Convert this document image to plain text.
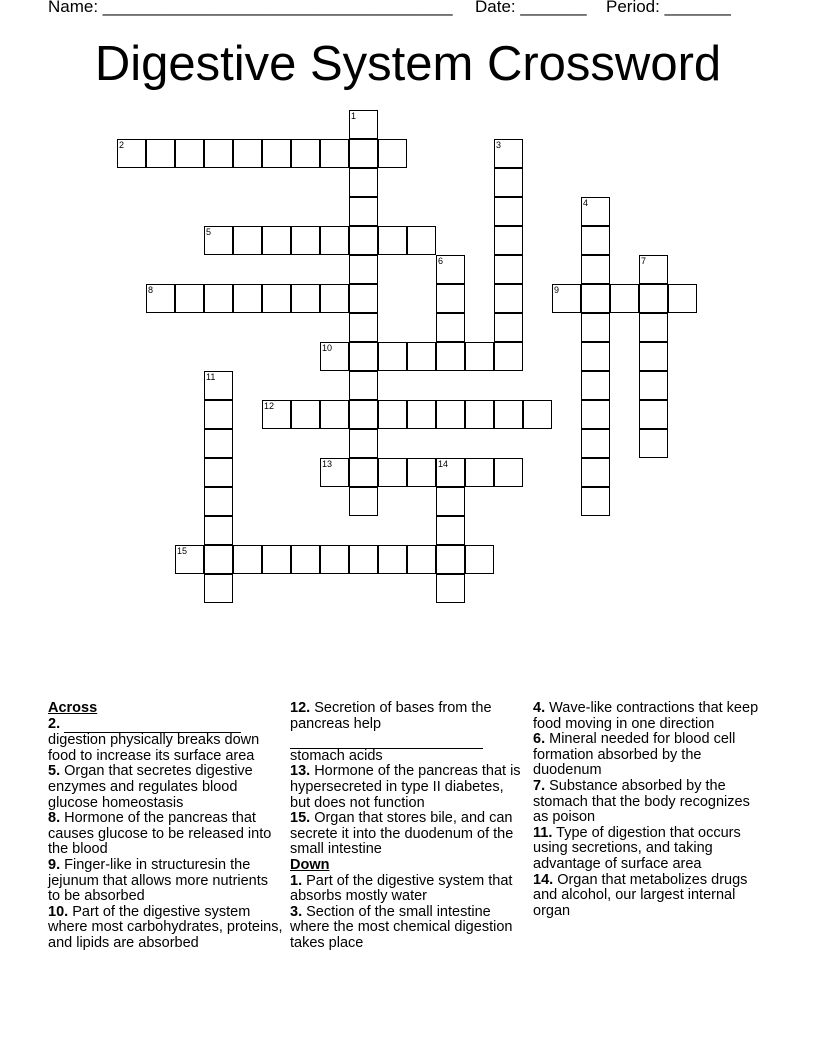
Name: _____________________________________ Date: _______ Period: _______
Digestive System Crossword
1
2	3
4
5
6	7
8	9
10
11
12
13	14
15

Across

2.
digestion physically breaks down food to increase its surface area

5. Organ that secretes digestive enzymes and regulates blood glucose homeostasis

8. Hormone of the pancreas that causes glucose to be released into the blood

9. Finger-like in structuresin the jejunum that allows more nutrients to be absorbed

10. Part of the digestive system where most carbohydrates, proteins, and lipids are absorbed

12. Secretion of bases from the pancreas help

stomach acids

13. Hormone of the pancreas that is hypersecreted in type II diabetes, but does not function

15. Organ that stores bile, and can secrete it into the duodenum of the small intestine

Down

1. Part of the digestive system that absorbs mostly water

3. Section of the small intestine where the most chemical digestion takes place

4. Wave-like contractions that keep food moving in one direction

6. Mineral needed for blood cell formation absorbed by the duodenum

7. Substance absorbed by the stomach that the body recognizes as poison

11. Type of digestion that occurs using secretions, and taking advantage of surface area

14. Organ that metabolizes drugs and alcohol, our largest internal organ
